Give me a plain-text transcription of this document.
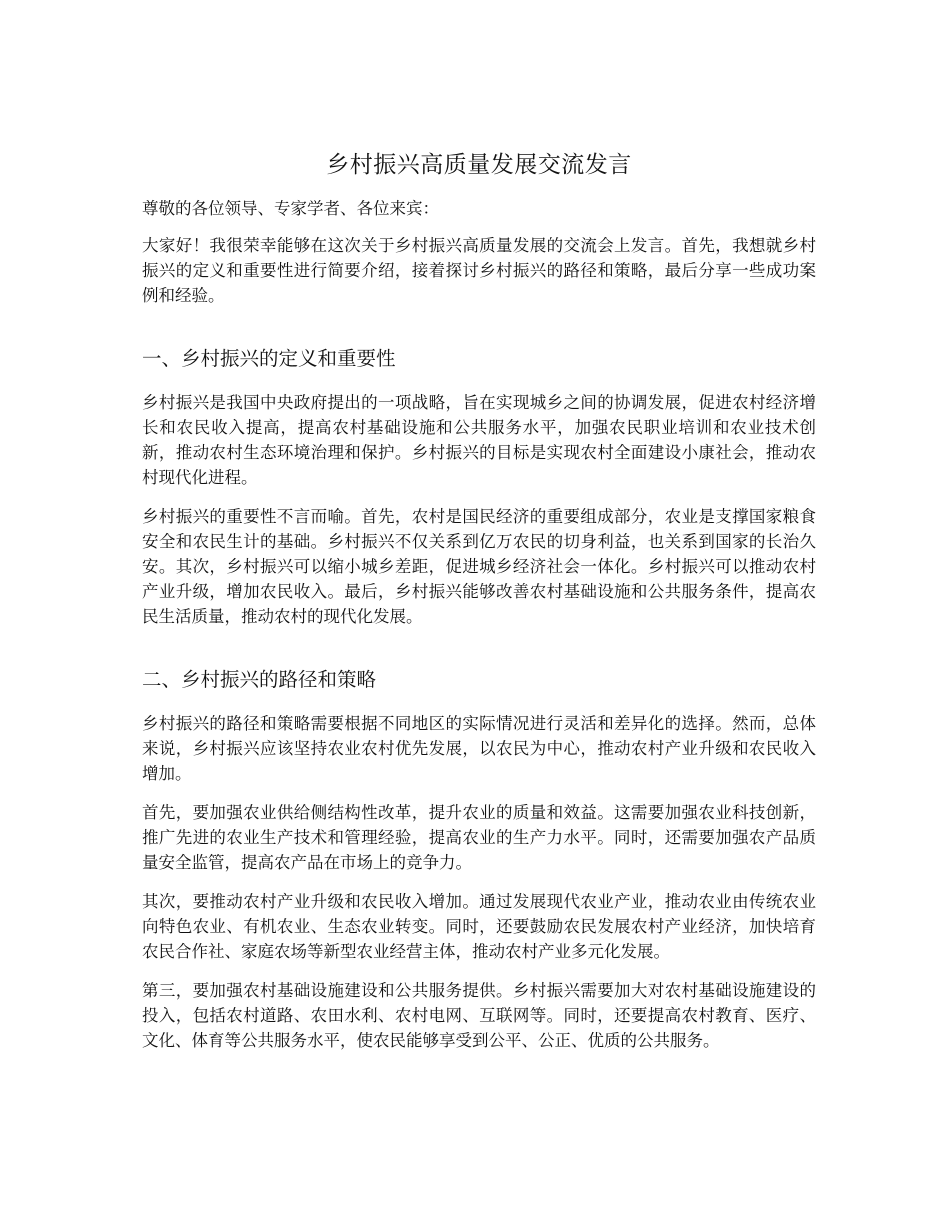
乡村振兴高质量发展交流发言

尊敬的各位领导、专家学者、各位来宾：

大家好！我很荣幸能够在这次关于乡村振兴高质量发展的交流会上发言。首先，我想就乡村振兴的定义和重要性进行简要介绍，接着探讨乡村振兴的路径和策略，最后分享一些成功案例和经验。

一、乡村振兴的定义和重要性

乡村振兴是我国中央政府提出的一项战略，旨在实现城乡之间的协调发展，促进农村经济增长和农民收入提高，提高农村基础设施和公共服务水平，加强农民职业培训和农业技术创新，推动农村生态环境治理和保护。乡村振兴的目标是实现农村全面建设小康社会，推动农村现代化进程。

乡村振兴的重要性不言而喻。首先，农村是国民经济的重要组成部分，农业是支撑国家粮食安全和农民生计的基础。乡村振兴不仅关系到亿万农民的切身利益，也关系到国家的长治久安。其次，乡村振兴可以缩小城乡差距，促进城乡经济社会一体化。乡村振兴可以推动农村产业升级，增加农民收入。最后，乡村振兴能够改善农村基础设施和公共服务条件，提高农民生活质量，推动农村的现代化发展。

二、乡村振兴的路径和策略

乡村振兴的路径和策略需要根据不同地区的实际情况进行灵活和差异化的选择。然而，总体来说，乡村振兴应该坚持农业农村优先发展，以农民为中心，推动农村产业升级和农民收入增加。

首先，要加强农业供给侧结构性改革，提升农业的质量和效益。这需要加强农业科技创新，推广先进的农业生产技术和管理经验，提高农业的生产力水平。同时，还需要加强农产品质量安全监管，提高农产品在市场上的竞争力。

其次，要推动农村产业升级和农民收入增加。通过发展现代农业产业，推动农业由传统农业向特色农业、有机农业、生态农业转变。同时，还要鼓励农民发展农村产业经济，加快培育农民合作社、家庭农场等新型农业经营主体，推动农村产业多元化发展。

第三，要加强农村基础设施建设和公共服务提供。乡村振兴需要加大对农村基础设施建设的投入，包括农村道路、农田水利、农村电网、互联网等。同时，还要提高农村教育、医疗、文化、体育等公共服务水平，使农民能够享受到公平、公正、优质的公共服务。
